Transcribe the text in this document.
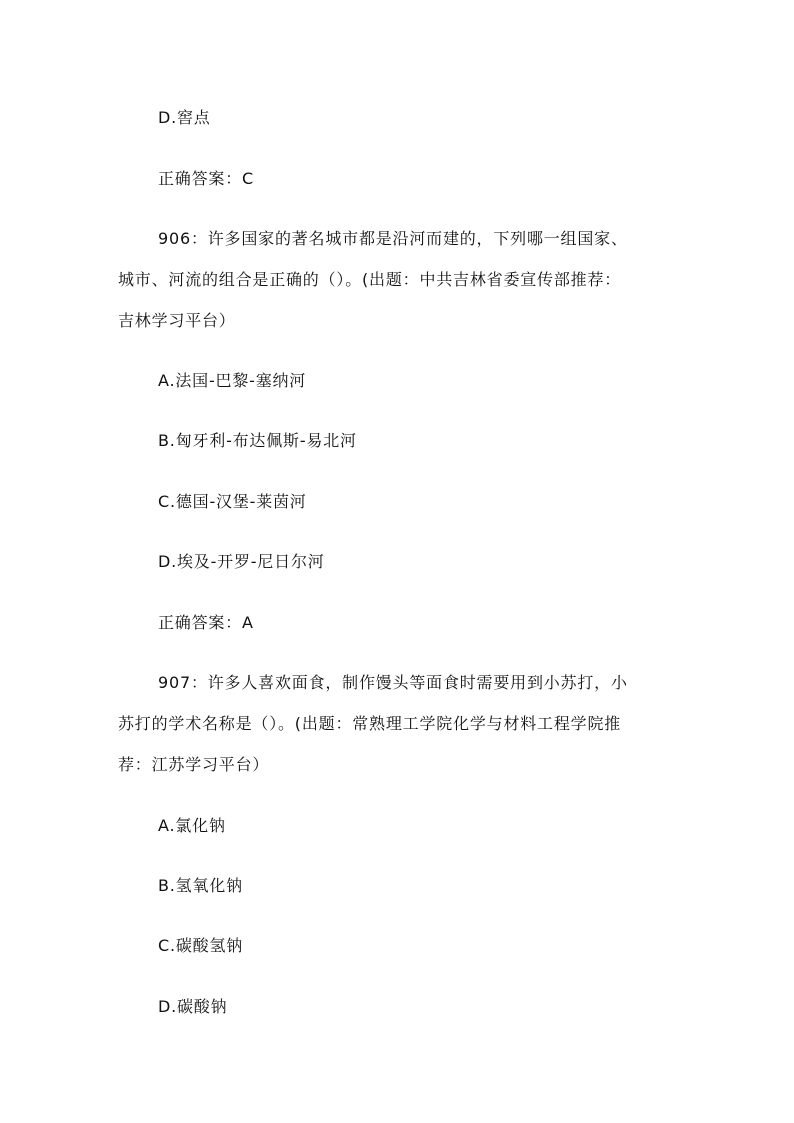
D.窖点
正确答案：C
906：许多国家的著名城市都是沿河而建的，下列哪一组国家、
城市、河流的组合是正确的（）。(出题：中共吉林省委宣传部推荐：
吉林学习平台）
A.法国-巴黎-塞纳河
B.匈牙利-布达佩斯-易北河
C.德国-汉堡-莱茵河
D.埃及-开罗-尼日尔河
正确答案：A
907：许多人喜欢面食，制作馒头等面食时需要用到小苏打，小
苏打的学术名称是（）。(出题：常熟理工学院化学与材料工程学院推
荐：江苏学习平台）
A.氯化钠
B.氢氧化钠
C.碳酸氢钠
D.碳酸钠
